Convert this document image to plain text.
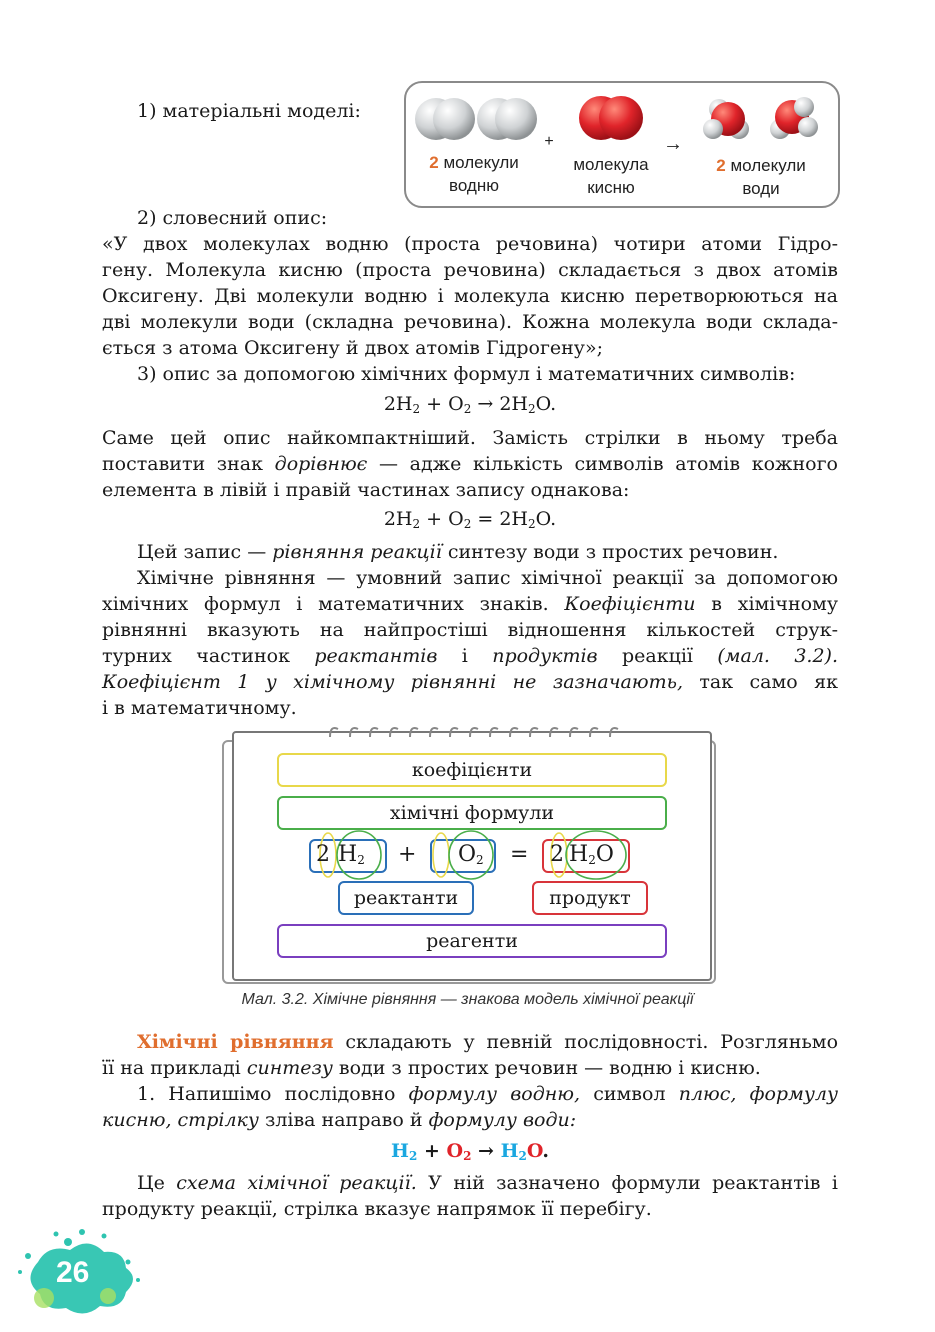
1) матеріальні моделі:
+	→
2 молекули
водню
молекула
кисню
2 молекули
води
2) словесний опис:
«У двох молекулах водню (проста речовина) чотири атоми Гідро-
гену. Молекула кисню (проста речовина) складається з двох атомів
Оксигену. Дві молекули водню і молекула кисню перетворюються на
дві молекули води (складна речовина). Кожна молекула води склада-
ється з атома Оксигену й двох атомів Гідрогену»;
3) опис за допомогою хімічних формул і математичних символів:
$2H_2 + O_2 \to 2H_2O$.
Саме цей опис найкомпактніший. Замість стрілки в ньому треба
поставити знак дорівнює — адже кількість символів атомів кожного
елемента в лівій і правій частинах запису однакова:
$2H_2 + O_2 = 2H_2O$.
Цей запис — рівняння реакції синтезу води з простих речовин.
Хімічне рівняння — умовний запис хімічної реакції за допомогою
хімічних формул і математичних знаків. Коефіцієнти в хімічному
рівнянні вказують на найпростіші відношення кількостей струк-
турних частинок реактантів і продуктів реакції (мал. 3.2).
Коефіцієнт 1 у хімічному рівнянні не зазначають, так само як
і в математичному.
коефіцієнти
хімічні формули
2 $H_2 + O_2 = 2$ $H_2O$
реактанти	продукт
реагенти
Мал. 3.2. Хімічне рівняння — знакова модель хімічної реакції
Хімічні рівняння складають у певній послідовності. Розгляньмо
її на прикладі синтезу води з простих речовин — водню і кисню.
1. Напишімо послідовно формулу водню, символ плюс, формулу
кисню, стрілку зліва направо й формулу води:
$H_2 + O_2 \to H_2O$.
Це схема хімічної реакції. У ній зазначено формули реактантів і
продукту реакції, стрілка вказує напрямок її перебігу.
26
